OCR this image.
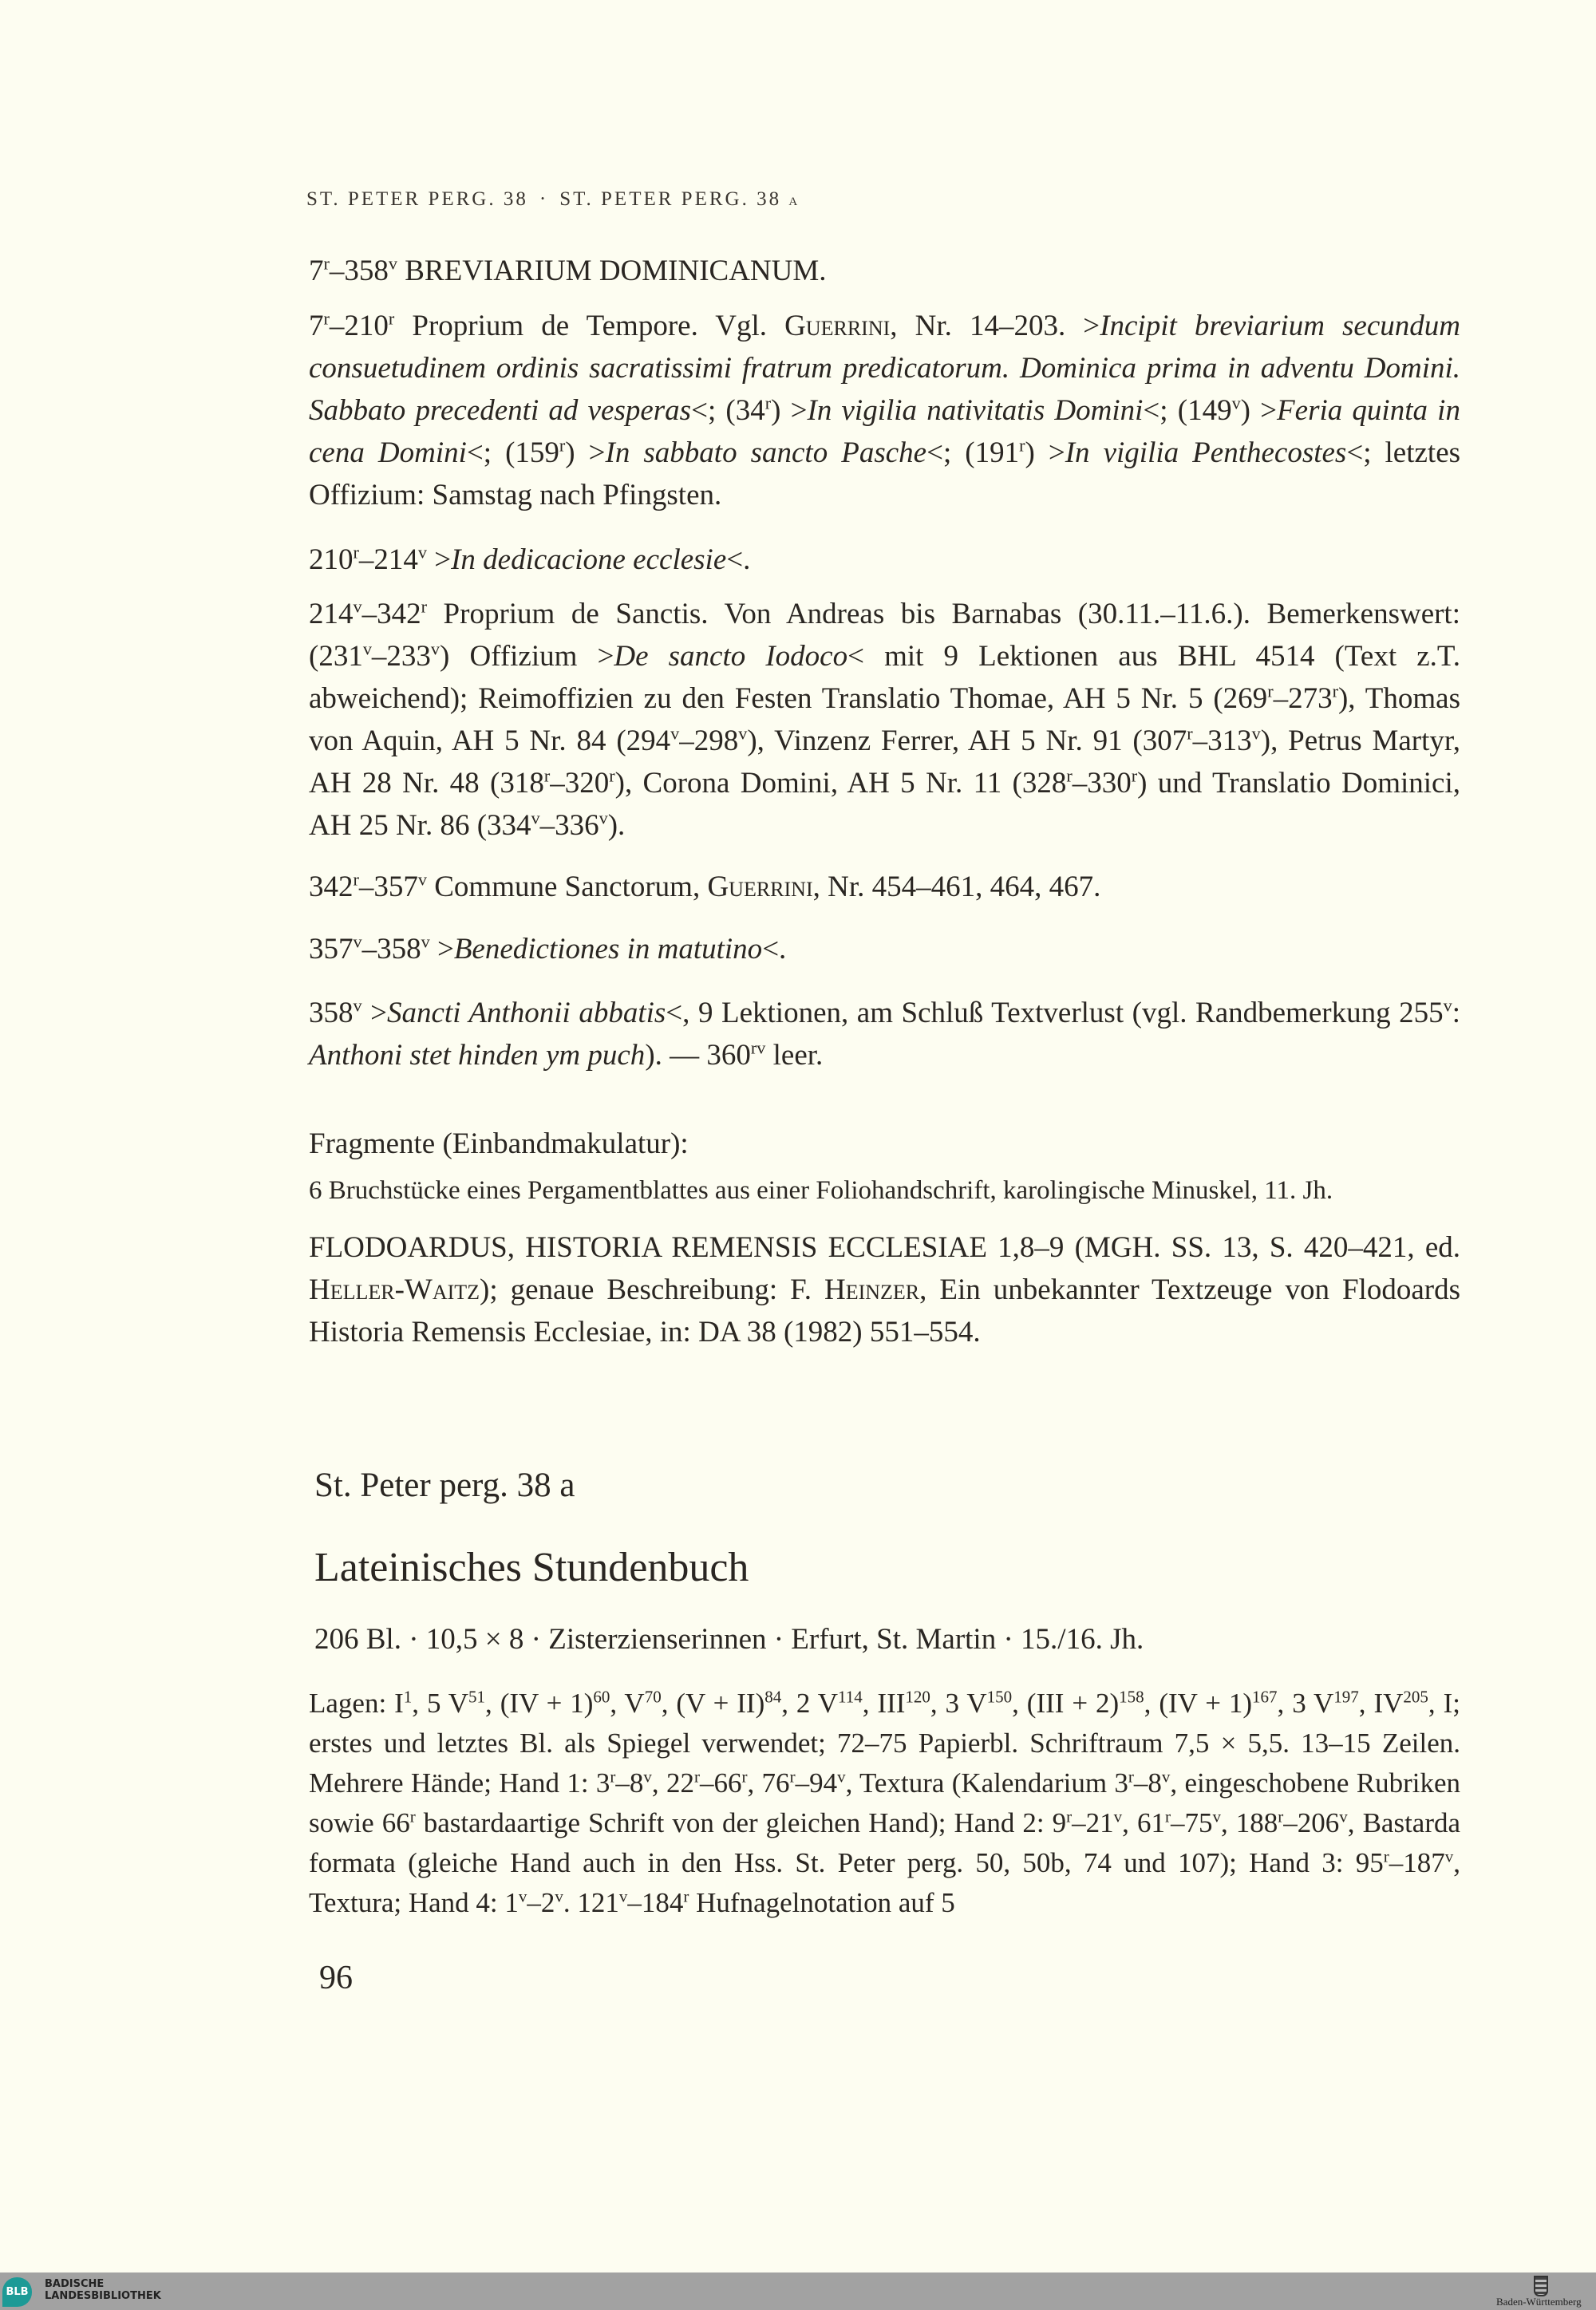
ST. PETER PERG. 38 · ST. PETER PERG. 38 a

7$^r$–358$^v$ BREVIARIUM DOMINICANUM.

7$^r$–210$^r$ Proprium de Tempore. Vgl. Guerrini, Nr. 14–203. >Incipit breviarium secundum consuetudinem ordinis sacratissimi fratrum predicatorum. Dominica prima in adventu Domini. Sabbato precedenti ad vesperas<; $(34^r) >In$ vigilia nativitatis Domini<; $(149^v)$ >Feria quinta in cena Domini<; $(159^r) >In$ sabbato sancto Pasche<; $(191^r) >In$ vigilia Penthecostes<; letztes Offizium: Samstag nach Pfingsten.

$210^r-214^v >In$ dedicacione ecclesie<.

214$^v$–342$^r$ Proprium de Sanctis. Von Andreas bis Barnabas (30.11.–11.6.). Bemerkenswert: (231$^v$–233$^v$) Offizium >De sancto Iodoco< mit 9 Lektionen aus BHL 4514 (Text z.T. abweichend); Reimoffizien zu den Festen Translatio Thomae, AH 5 Nr. 5 (269$^r$–273$^r$), Thomas von Aquin, AH 5 Nr. 84 (294$^v$–298$^v$), Vinzenz Ferrer, AH 5 Nr. 91 (307$^r$–313$^v$), Petrus Martyr, AH 28 Nr. 48 (318$^r$–320$^r$), Corona Domini, AH 5 Nr. 11 (328$^r$–330$^r$) und Translatio Dominici, AH 25 Nr. 86 (334$^v$–336$^v$).

342$^r$–357$^v$ Commune Sanctorum, Guerrini, Nr. 454–461, 464, 467.

$357^v-358^v$ >Benedictiones in matutino<.

$358^v$ >Sancti Anthonii abbatis<, 9 Lektionen, am Schluß Textverlust (vgl. Randbemerkung 255$^v$: Anthoni stet hinden ym puch). — $360^{rv}$ leer.

Fragmente (Einbandmakulatur):

6 Bruchstücke eines Pergamentblattes aus einer Foliohandschrift, karolingische Minuskel, 11. Jh.

FLODOARDUS, HISTORIA REMENSIS ECCLESIAE 1,8–9 (MGH. SS. 13, S. 420–421, ed. Heller-Waitz); genaue Beschreibung: F. Heinzer, Ein unbekannter Textzeuge von Flodoards Historia Remensis Ecclesiae, in: DA 38 (1982) 551–554.

St. Peter perg. 38 a
Lateinisches Stundenbuch
206 Bl. · 10,5 × 8 · Zisterzienserinnen · Erfurt, St. Martin · 15./16. Jh.

Lagen: $I^1$, 5 $V^{51}$, (IV + 1)$^{60}$, $V^{70}$, (V + II)$^{84}$, 2 $V^{114}$, III$^{120}$, 3 $V^{150}$, (III + 2)$^{158}$, (IV + 1)$^{167}$, 3 $V^{197}$, IV$^{205}$, I; erstes und letztes Bl. als Spiegel verwendet; 72–75 Papierbl. Schriftraum 7,5 × 5,5. 13–15 Zeilen. Mehrere Hände; Hand 1: 3$^r$–8$^v$, 22$^r$–66$^r$, 76$^r$–94$^v$, Textura (Kalendarium 3$^r$–8$^v$, eingeschobene Rubriken sowie 66$^r$ bastardaartige Schrift von der gleichen Hand); Hand 2: 9$^r$–21$^v$, 61$^r$–75$^v$, 188$^r$–206$^v$, Bastarda formata (gleiche Hand auch in den Hss. St. Peter perg. 50, 50b, 74 und 107); Hand 3: 95$^r$–187$^v$, Textura; Hand 4: 1$^v$–2$^v$. 121$^v$–184$^r$ Hufnagelnotation auf 5

96
BLB
BADISCHE
LANDESBIBLIOTHEK	Baden-Württemberg
